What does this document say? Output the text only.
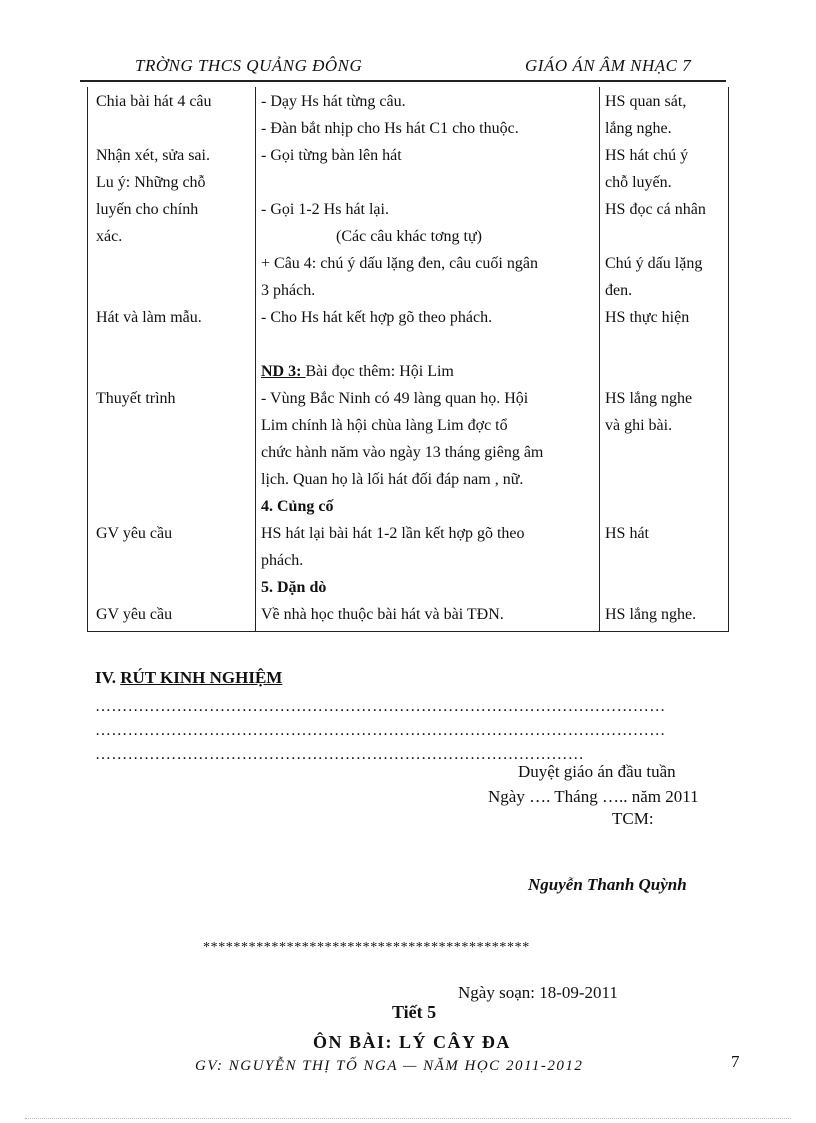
TRỜNG THCS QUẢNG ĐÔNG	GIÁO ÁN ÂM NHẠC 7
Chia bài hát 4 câu
Nhận xét, sửa sai.
Lu ý: Những chỗ
luyến cho chính
xác.
Hát và làm mẫu.
Thuyết trình
GV yêu cầu
GV yêu cầu
- Dạy Hs hát từng câu.
- Đàn bắt nhịp cho Hs hát C1 cho thuộc.
- Gọi từng bàn lên hát
- Gọi 1-2 Hs hát lại.
(Các câu khác tơng tự)
+ Câu 4: chú ý dấu lặng đen, câu cuối ngân
3 phách.
- Cho Hs hát kết hợp gõ theo phách.
ND 3: Bài đọc thêm: Hội Lim
- Vùng Bắc Ninh có 49 làng quan họ. Hội
Lim chính là hội chùa làng Lim đợc tổ
chức hành năm vào ngày 13 tháng giêng âm
lịch. Quan họ là lối hát đối đáp nam , nữ.
4. Củng cố
HS hát lại bài hát 1-2 lần kết hợp gõ theo
phách.
5. Dặn dò
Về nhà học thuộc bài hát và bài TĐN.
HS quan sát,
lắng nghe.
HS hát chú ý
chỗ luyến.
HS đọc cá nhân
Chú ý dấu lặng
đen.
HS thực hiện
HS lắng nghe
và ghi bài.
HS hát
HS lắng nghe.
IV. RÚT KINH NGHIỆM
……………………………………………………………………………………………
……………………………………………………………………………………………
………………………………………………………………………………
Duyệt giáo án đầu tuần
Ngày …. Tháng ….. năm 2011
TCM:
Nguyễn Thanh Quỳnh
*******************************************
Ngày soạn: 18-09-2011
Tiết 5
ÔN BÀI: LÝ CÂY ĐA
GV: NGUYỄN THỊ TỐ NGA — NĂM HỌC 2011-2012	7
